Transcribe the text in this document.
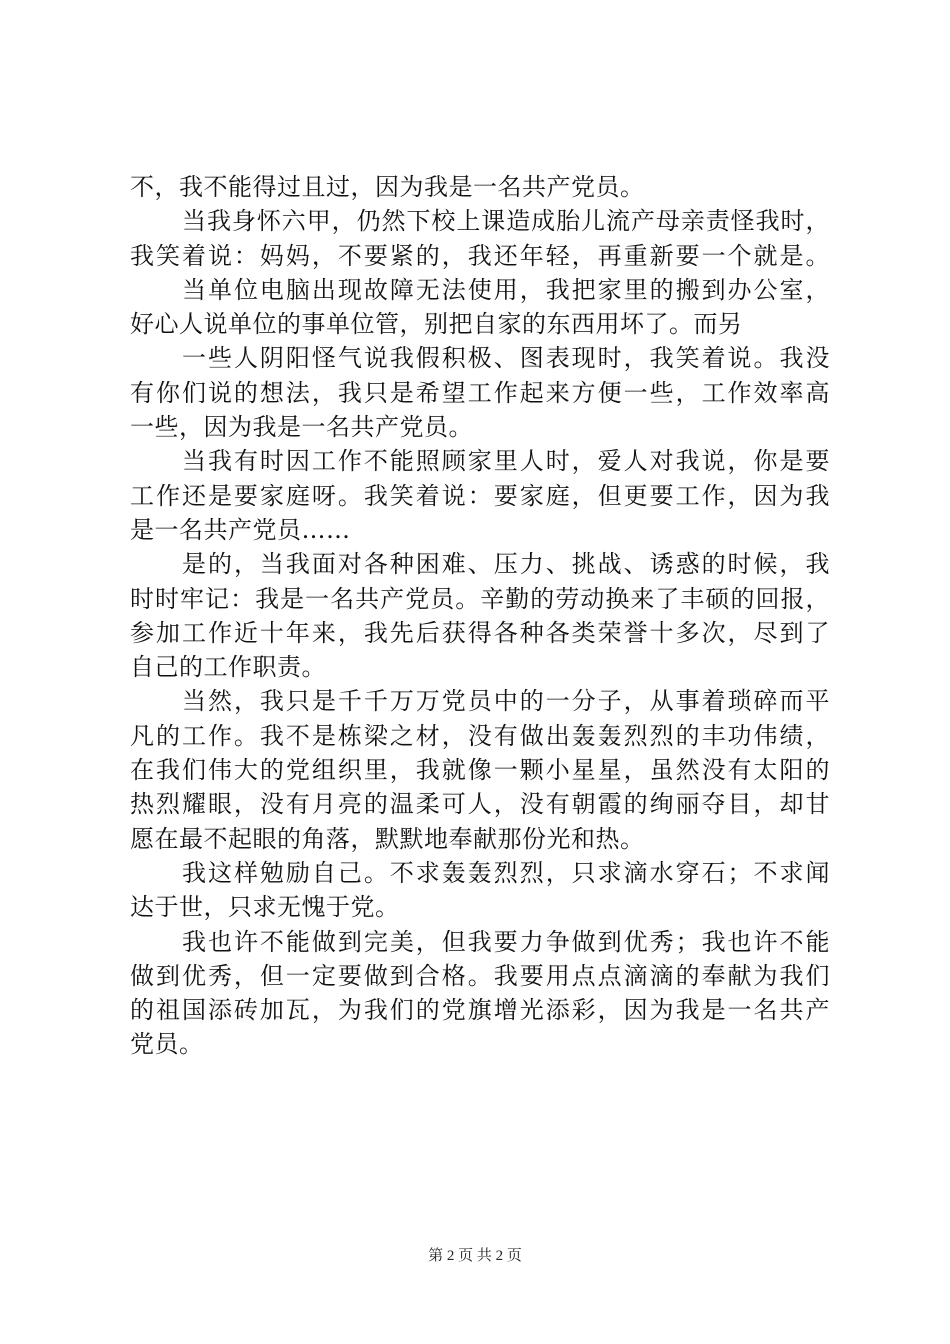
不，我不能得过且过，因为我是一名共产党员。
当我身怀六甲，仍然下校上课造成胎儿流产母亲责怪我时，
我笑着说：妈妈，不要紧的，我还年轻，再重新要一个就是。
当单位电脑出现故障无法使用，我把家里的搬到办公室，
好心人说单位的事单位管，别把自家的东西用坏了。而另
一些人阴阳怪气说我假积极、图表现时，我笑着说。我没
有你们说的想法，我只是希望工作起来方便一些，工作效率高
一些，因为我是一名共产党员。
当我有时因工作不能照顾家里人时，爱人对我说，你是要
工作还是要家庭呀。我笑着说：要家庭，但更要工作，因为我
是一名共产党员……
是的，当我面对各种困难、压力、挑战、诱惑的时候，我
时时牢记：我是一名共产党员。辛勤的劳动换来了丰硕的回报，
参加工作近十年来，我先后获得各种各类荣誉十多次，尽到了
自己的工作职责。
当然，我只是千千万万党员中的一分子，从事着琐碎而平
凡的工作。我不是栋梁之材，没有做出轰轰烈烈的丰功伟绩，
在我们伟大的党组织里，我就像一颗小星星，虽然没有太阳的
热烈耀眼，没有月亮的温柔可人，没有朝霞的绚丽夺目，却甘
愿在最不起眼的角落，默默地奉献那份光和热。
我这样勉励自己。不求轰轰烈烈，只求滴水穿石；不求闻
达于世，只求无愧于党。
我也许不能做到完美，但我要力争做到优秀；我也许不能
做到优秀，但一定要做到合格。我要用点点滴滴的奉献为我们
的祖国添砖加瓦，为我们的党旗增光添彩，因为我是一名共产
党员。
第 2 页 共 2 页
